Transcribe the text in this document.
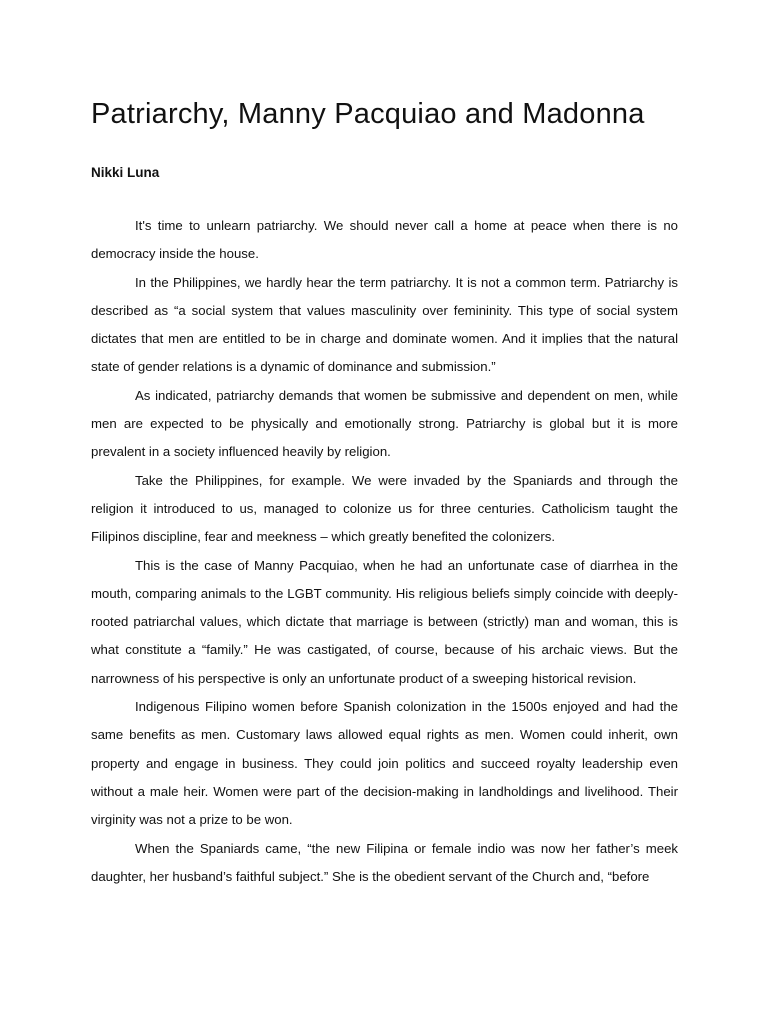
Patriarchy, Manny Pacquiao and Madonna
Nikki Luna

It's time to unlearn patriarchy. We should never call a home at peace when there is no democracy inside the house.

In the Philippines, we hardly hear the term patriarchy. It is not a common term. Patriarchy is described as “a social system that values masculinity over femininity. This type of social system dictates that men are entitled to be in charge and dominate women. And it implies that the natural state of gender relations is a dynamic of dominance and submission.”

As indicated, patriarchy demands that women be submissive and dependent on men, while men are expected to be physically and emotionally strong. Patriarchy is global but it is more prevalent in a society influenced heavily by religion.

Take the Philippines, for example. We were invaded by the Spaniards and through the religion it introduced to us, managed to colonize us for three centuries. Catholicism taught the Filipinos discipline, fear and meekness – which greatly benefited the colonizers.

This is the case of Manny Pacquiao, when he had an unfortunate case of diarrhea in the mouth, comparing animals to the LGBT community. His religious beliefs simply coincide with deeply-rooted patriarchal values, which dictate that marriage is between (strictly) man and woman, this is what constitute a “family.” He was castigated, of course, because of his archaic views. But the narrowness of his perspective is only an unfortunate product of a sweeping historical revision.

Indigenous Filipino women before Spanish colonization in the 1500s enjoyed and had the same benefits as men. Customary laws allowed equal rights as men. Women could inherit, own property and engage in business. They could join politics and succeed royalty leadership even without a male heir. Women were part of the decision-making in landholdings and livelihood. Their virginity was not a prize to be won.

When the Spaniards came, “the new Filipina or female indio was now her father’s meek daughter, her husband’s faithful subject.” She is the obedient servant of the Church and, “before
